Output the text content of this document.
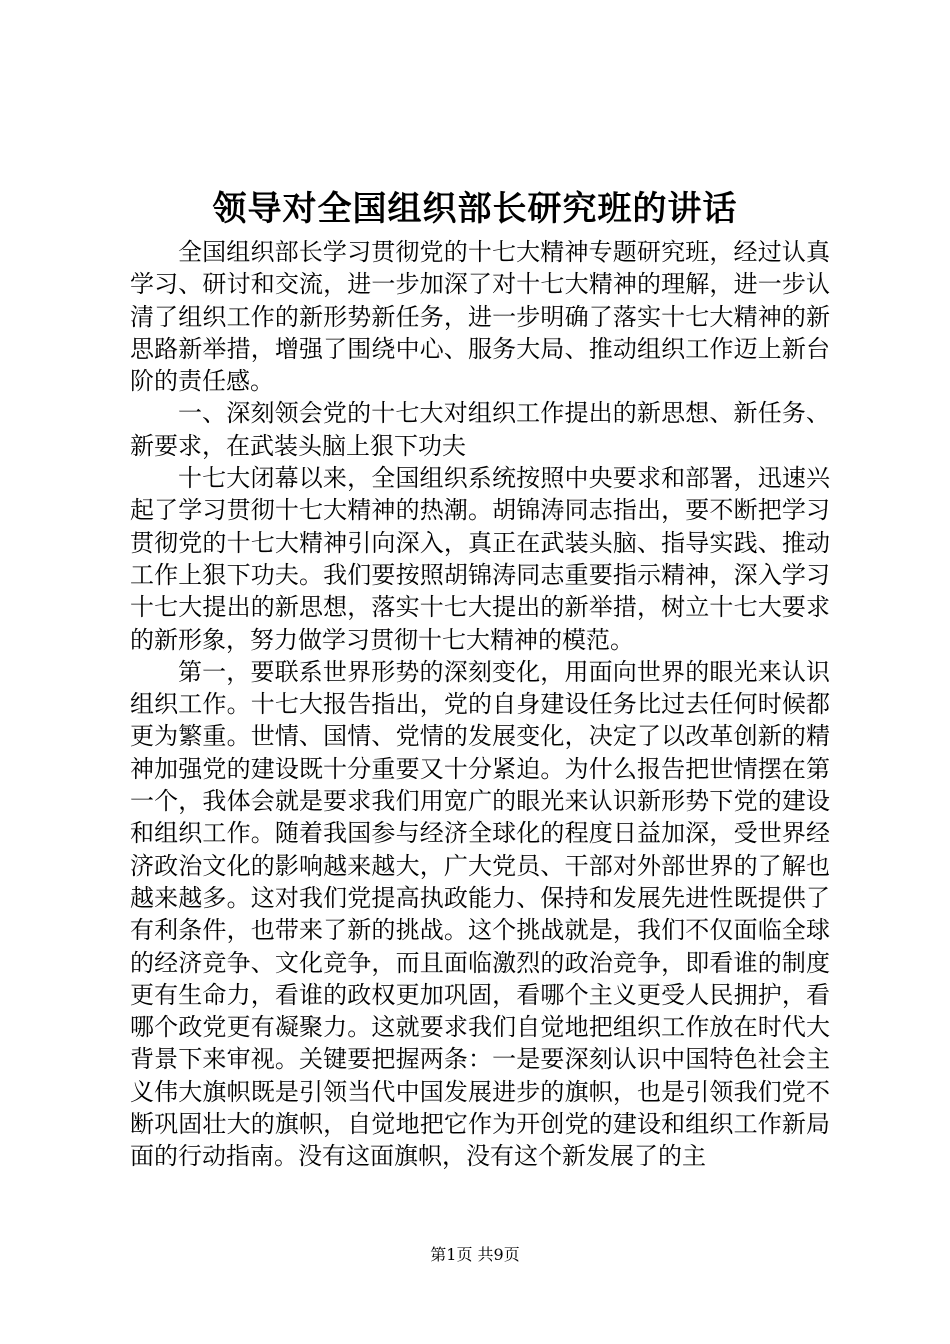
领导对全国组织部长研究班的讲话

全国组织部长学习贯彻党的十七大精神专题研究班，经过认真学习、研讨和交流，进一步加深了对十七大精神的理解，进一步认清了组织工作的新形势新任务，进一步明确了落实十七大精神的新思路新举措，增强了围绕中心、服务大局、推动组织工作迈上新台阶的责任感。

一、深刻领会党的十七大对组织工作提出的新思想、新任务、新要求，在武装头脑上狠下功夫

十七大闭幕以来，全国组织系统按照中央要求和部署，迅速兴起了学习贯彻十七大精神的热潮。胡锦涛同志指出，要不断把学习贯彻党的十七大精神引向深入，真正在武装头脑、指导实践、推动工作上狠下功夫。我们要按照胡锦涛同志重要指示精神，深入学习十七大提出的新思想，落实十七大提出的新举措，树立十七大要求的新形象，努力做学习贯彻十七大精神的模范。

第一，要联系世界形势的深刻变化，用面向世界的眼光来认识组织工作。十七大报告指出，党的自身建设任务比过去任何时候都更为繁重。世情、国情、党情的发展变化，决定了以改革创新的精神加强党的建设既十分重要又十分紧迫。为什么报告把世情摆在第一个，我体会就是要求我们用宽广的眼光来认识新形势下党的建设和组织工作。随着我国参与经济全球化的程度日益加深，受世界经济政治文化的影响越来越大，广大党员、干部对外部世界的了解也越来越多。这对我们党提高执政能力、保持和发展先进性既提供了有利条件，也带来了新的挑战。这个挑战就是，我们不仅面临全球的经济竞争、文化竞争，而且面临激烈的政治竞争，即看谁的制度更有生命力，看谁的政权更加巩固，看哪个主义更受人民拥护，看哪个政党更有凝聚力。这就要求我们自觉地把组织工作放在时代大背景下来审视。关键要把握两条：一是要深刻认识中国特色社会主义伟大旗帜既是引领当代中国发展进步的旗帜，也是引领我们党不断巩固壮大的旗帜，自觉地把它作为开创党的建设和组织工作新局面的行动指南。没有这面旗帜，没有这个新发展了的主

第1页 共9页
